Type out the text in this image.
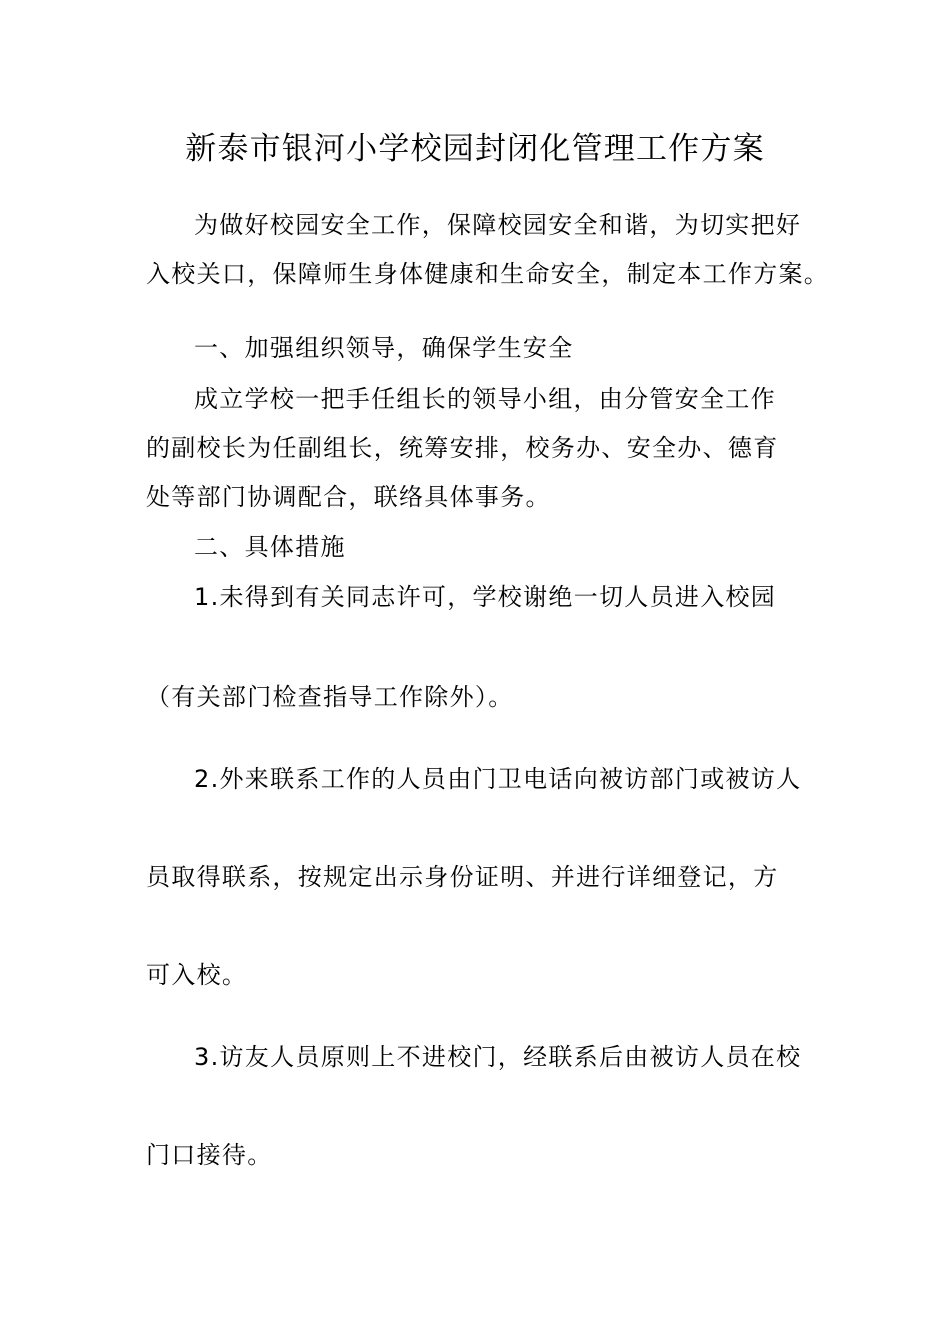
新泰市银河小学校园封闭化管理工作方案
为做好校园安全工作，保障校园安全和谐，为切实把好
入校关口，保障师生身体健康和生命安全，制定本工作方案。
一、加强组织领导，确保学生安全
成立学校一把手任组长的领导小组，由分管安全工作
的副校长为任副组长，统筹安排，校务办、安全办、德育
处等部门协调配合，联络具体事务。
二、具体措施
1.未得到有关同志许可，学校谢绝一切人员进入校园
（有关部门检查指导工作除外）。
2.外来联系工作的人员由门卫电话向被访部门或被访人
员取得联系，按规定出示身份证明、并进行详细登记，方
可入校。
3.访友人员原则上不进校门，经联系后由被访人员在校
门口接待。
